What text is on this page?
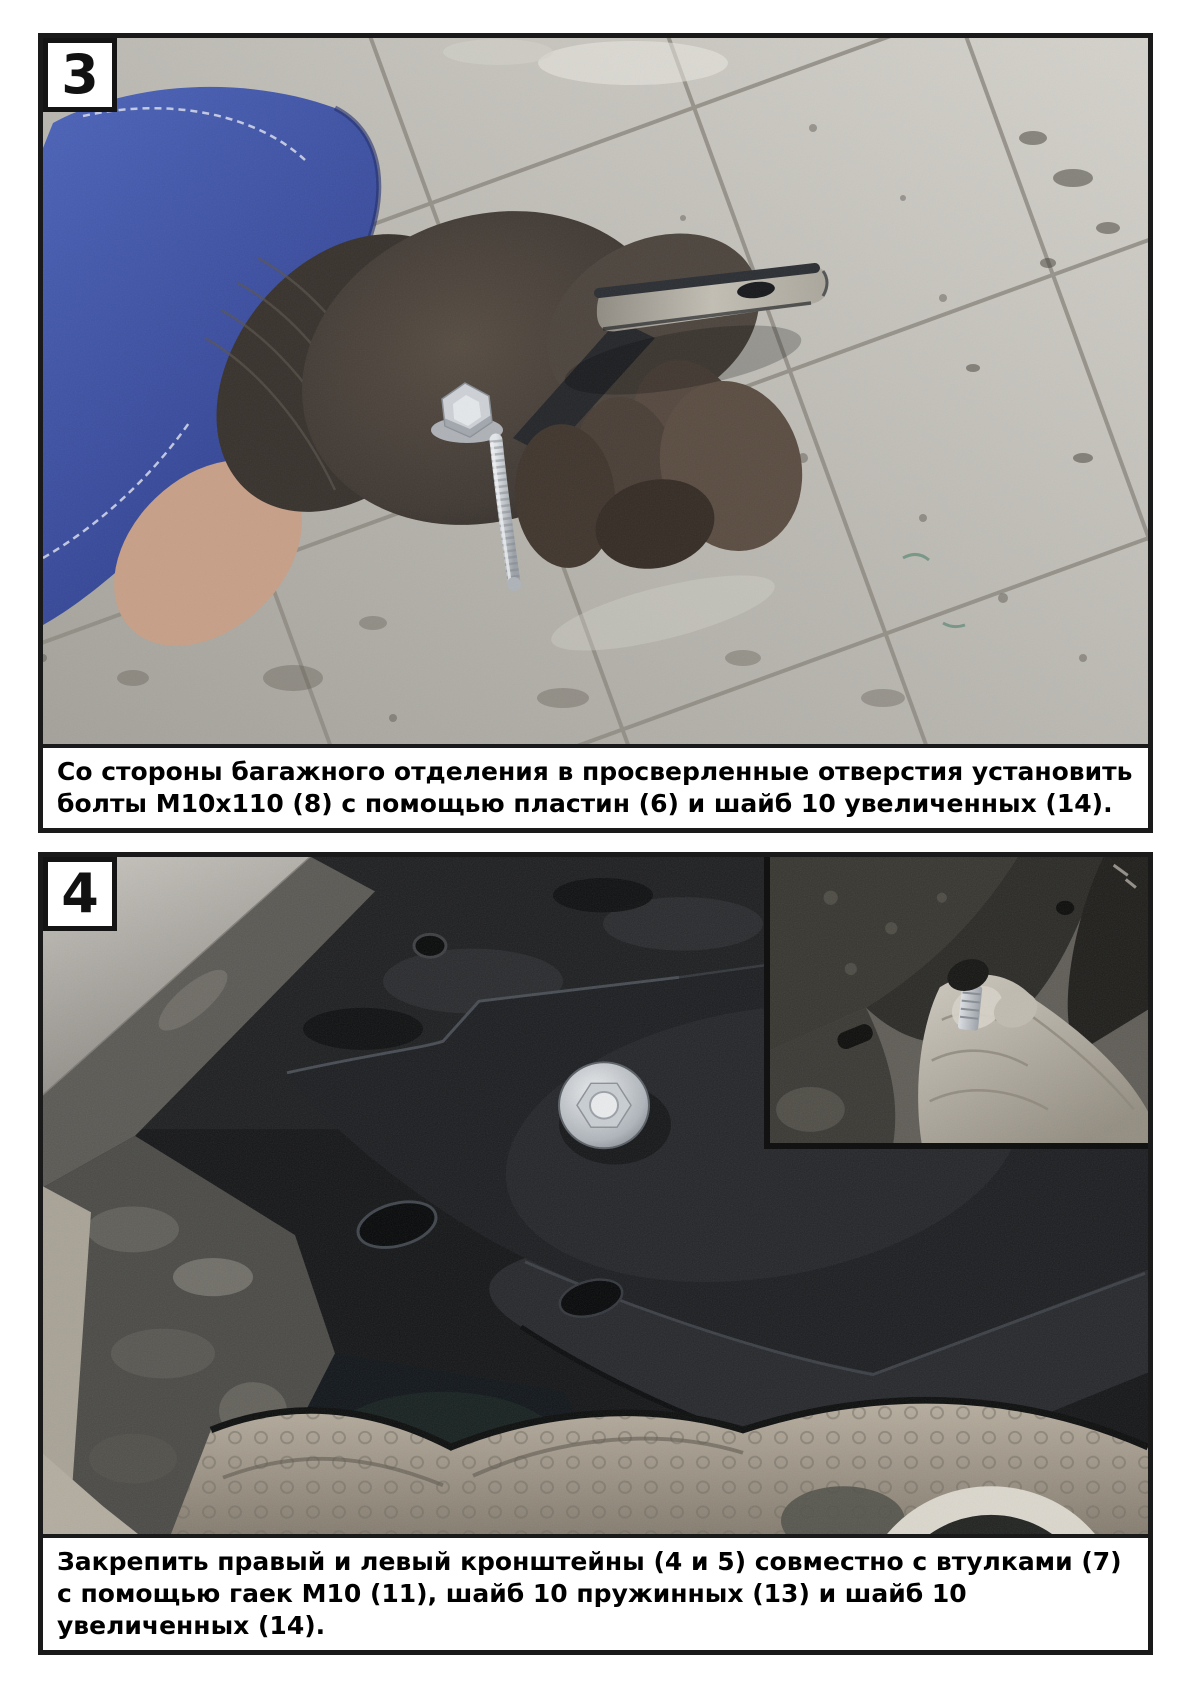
3
Со стороны багажного отделения в просверленные отверстия установить болты М10х110 (8) с помощью пластин (6) и шайб 10 увеличенных (14).
4
Закрепить правый и левый кронштейны (4 и 5) совместно с втулками (7) с помощью гаек М10 (11), шайб 10 пружинных (13) и шайб 10 увеличенных (14).
